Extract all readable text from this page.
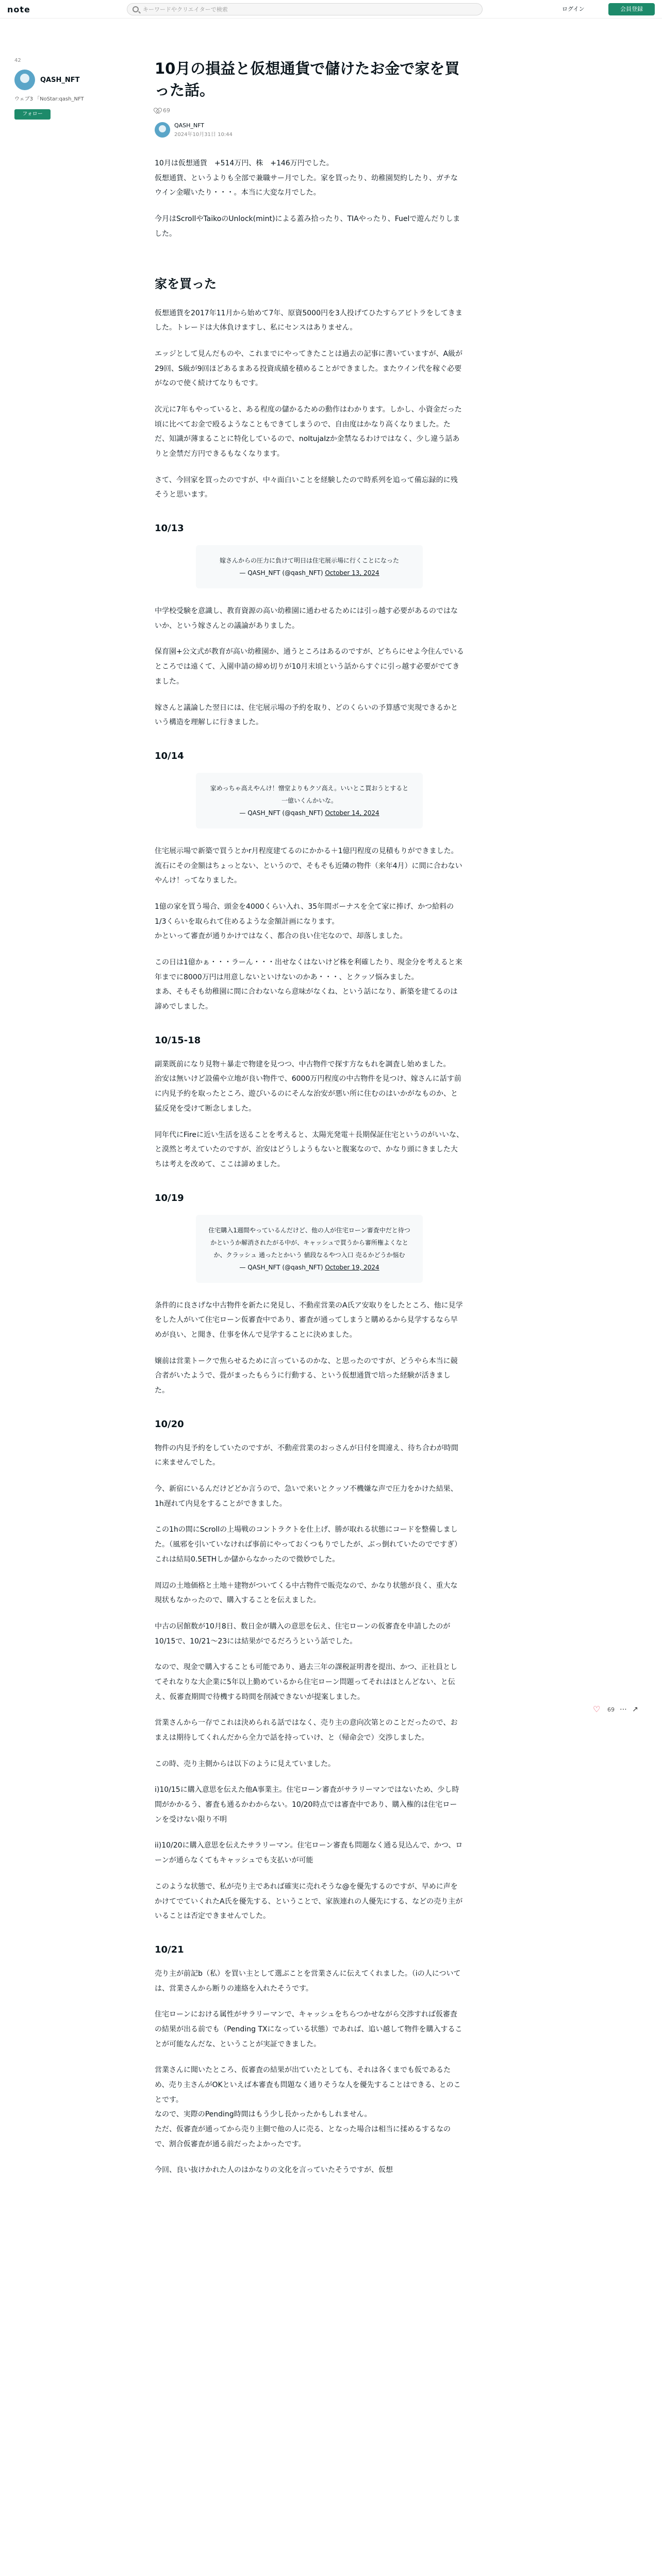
note
キーワードやクリエイターで検索	ログイン	会員登録
42
QASH_NFT
ウェブ3 「NoStar:qash_NFT
フォロー
10月の損益と仮想通貨で儲けたお金で家を買った話。
69
QASH_NFT
2024年10月31日 10:44

10月は仮想通貨　+514万円、株　+146万円でした。
仮想通貨、というよりも全部で兼職サー月でした。家を買ったり、幼稚園契約したり、ガチなウイン金曜いたり・・・。本当に大変な月でした。

今月はScrollやTaikoのUnlock(mint)による蓋み拾ったり、TIAやったり、Fuelで遊んだりしました。

家を買った

仮想通貨を2017年11月から始めて7年、原資5000円を3人投げてひたすらアビトラをしてきました。トレードは大体負けますし、私にセンスはありません。

エッジとして見んだものや、これまでにやってきたことは過去の記事に書いていますが、A級が29回、S級が9回ほどあるまある投資成績を積めることができました。またウイン代を稼ぐ必要がなので使く続けてなりもです。

次元に7年もやっていると、ある程度の儲かるための動作はわかります。しかし、小資金だった頃に比べてお金で殴るようなこともできてしまうので、自由度はかなり高くなりました。ただ、知識が薄まることに特化しているので、noItujaIzか金禁なるわけではなく、少し違う話ありと金禁だ方円できるもなくなります。

さて、今回家を買ったのですが、中々面白いことを経験したので時系列を追って備忘録的に残そうと思います。

10/13
嫁さんからの圧力に負けて明日は住宅展示場に行くことになった
— QASH_NFT (@qash_NFT) October 13, 2024

中学校受験を意識し、教育資源の高い幼稚園に通わせるためには引っ越す必要があるのではないか、という嫁さんとの議論がありました。

保育園+公文式が教育が高い幼稚園か、通うところはあるのですが、どちらにせよ今住んでいるところでは遠くて、入園申請の締め切りが10月末頃という話からすぐに引っ越す必要がでてきました。

嫁さんと議論した翌日には、住宅展示場の予約を取り、どのくらいの予算感で実現できるかという構造を理解しに行きました。

10/14
家めっちゃ高えやんけ！憎堂よりもクソ高え。いいとこ買おうとすると一億いくんかいな。
— QASH_NFT (@qash_NFT) October 14, 2024

住宅展示場で新築で買うとかr月程度建てるのにかかる＋1億円程度の見積もりができました。流石にその金額はちょっとない、というので、そもそも近隣の物件（来年4月）に間に合わないやんけ！ってなりました。

1億の家を買う場合、頭金を4000くらい入れ、35年間ボーナスを全て家に捧げ、かつ給料の1/3くらいを取られて住めるような金額計画になります。
かといって審査が通りかけではなく、都合の良い住宅なので、却落しました。

この日は1億かぁ・・・ラーん・・・出せなくはないけど株を利確したり、現金分を考えると来年までに8000万円は用意しないといけないのかあ・・・、とクッソ悩みました。
まあ、そもそも幼稚園に間に合わないなら意味がなくね、という話になり、新築を建てるのは諦めでしました。

10/15-18

副業既前になり見物＋暴走で物建を見つつ、中古物件で探す方なもれを調査し始めました。
治安は無いけど設備や立地が良い物件で、6000万円程度の中古物件を見つけ、嫁さんに話す前に内見予約を取ったところ、遊びいるのにそんな治安が悪い所に住むのはいかがなものか、と猛反発を受けて断念しました。

同年代にFireに近い生活を送ることを考えると、太陽光発電＋長期保証住宅というのがいいな、と漠然と考えていたのですが、治安はどうしようもないと腹案なので、かなり頭にきました大ちは考えを改めて、ここは諦めました。

10/19
住宅購入1週間やっているんだけど、他の人が住宅ローン審査中だと待つかというか解消されたがる中が、キャッシュで買うから審所権よくなとか、クラッシュ 通ったとかいう 値段なるやつ入口 売るかどうか悩む
— QASH_NFT (@qash_NFT) October 19, 2024

条件的に良さげな中古物件を新たに発見し、不動産営業のA氏ア安取りをしたところ、他に見学をした人がいて住宅ローン仮審査中であり、審査が通ってしまうと購めるから見学するなら早めが良い、と聞き、仕事を休んで見学することに決めました。

嬢前は営業トークで焦らせるために言っているのかな、と思ったのですが、どうやら本当に競合者がいたようで、畳がまったもらうに行動する、という仮想通貨で培った経験が活きました。

10/20

物件の内見予約をしていたのですが、不動産営業のおっさんが日付を間違え、待ち合わが時間に来ませんでした。

今、新宿にいるんだけどどか言うので、急いで来いとクッソ不機嫌な声で圧力をかけた結果、1h遅れて内見をすることができました。

この1hの間にScrollの上場戦のコントラクトを仕上げ、勝が取れる状態にコードを整備しました。（風邪を引いていなければ事前にやっておくつもりでしたが、ぶっ倒れていたのでですぎ）これは結局0.5ETHしか儲からなかったので微妙でした。

周辺の土地価格と土地＋建物がついてくる中古物件で販売なので、かなり状態が良く、重大な現状もなかったので、購入することを伝えました。

中古の居館数が10月8日、数日金が購入の意思を伝え、住宅ローンの仮審査を申請したのが10/15で、10/21〜23には結果がでるだろうという話でした。

なので、現金で購入することも可能であり、過去三年の課税証明書を提出、かつ、正社員としてそれなりな大企業に5年以上勤めているから住宅ローン問題ってそれはほとんどない、と伝え、仮審査期間で待機する時間を削減できないが提案しました。

営業さんから一存でこれは決められる話ではなく、売り主の意向次第とのことだったので、おまえは期待してくれんだから全力で話を持っていけ、と（帰命会で）交渉しました。

この時、売り主側からは以下のように見えていました。

i)10/15に購入意思を伝えた他A事業主。住宅ローン審査がサラリーマンではないため、少し時間がかかるう、審査も通るかわからない。10/20時点では審査中であり、購入権的は住宅ローンを受けない限り不明

ii)10/20に購入意思を伝えたサラリーマン。住宅ローン審査も問題なく通る見込んで、かつ、ローンが通らなくてもキャッシュでも支払いが可能

このような状態で、私が売り主であれば確実に売れそうな@を優先するのですが、早めに声をかけてでていくれたA氏を優先する、ということで、家族連れの人優先にする、などの売り主がいることは否定できませんでした。

10/21

売り主が前記b（私）を買い主として選ぶことを営業さんに伝えてくれました。（iの人については、営業さんから断りの連絡を入れたそうです。

住宅ローンにおける属性がサラリーマンで、キャッシュをちらつかせながら交渉すれば仮審査の結果が出る前でも（Pending TXになっている状態）であれば、追い越して物件を購入することが可能なんだな、ということが実証できました。

営業さんに聞いたところ、仮審査の結果が出ていたとしても、それは各くまでも仮であるため、売り主さんがOKといえば本審査も問題なく通りそうな人を優先することはできる、とのことです。
なので、実際のPending時間はもう少し長かったかもしれません。
ただ、仮審査が通ってから売り主側で他の人に売る、となった場合は相当に揉めるするなので、割合仮審査が通る前だったよかったです。

今回、良い抜けかれた人のはかなりの文化を言っていたそうですが、仮想

♡	69 ⋯ ↗
